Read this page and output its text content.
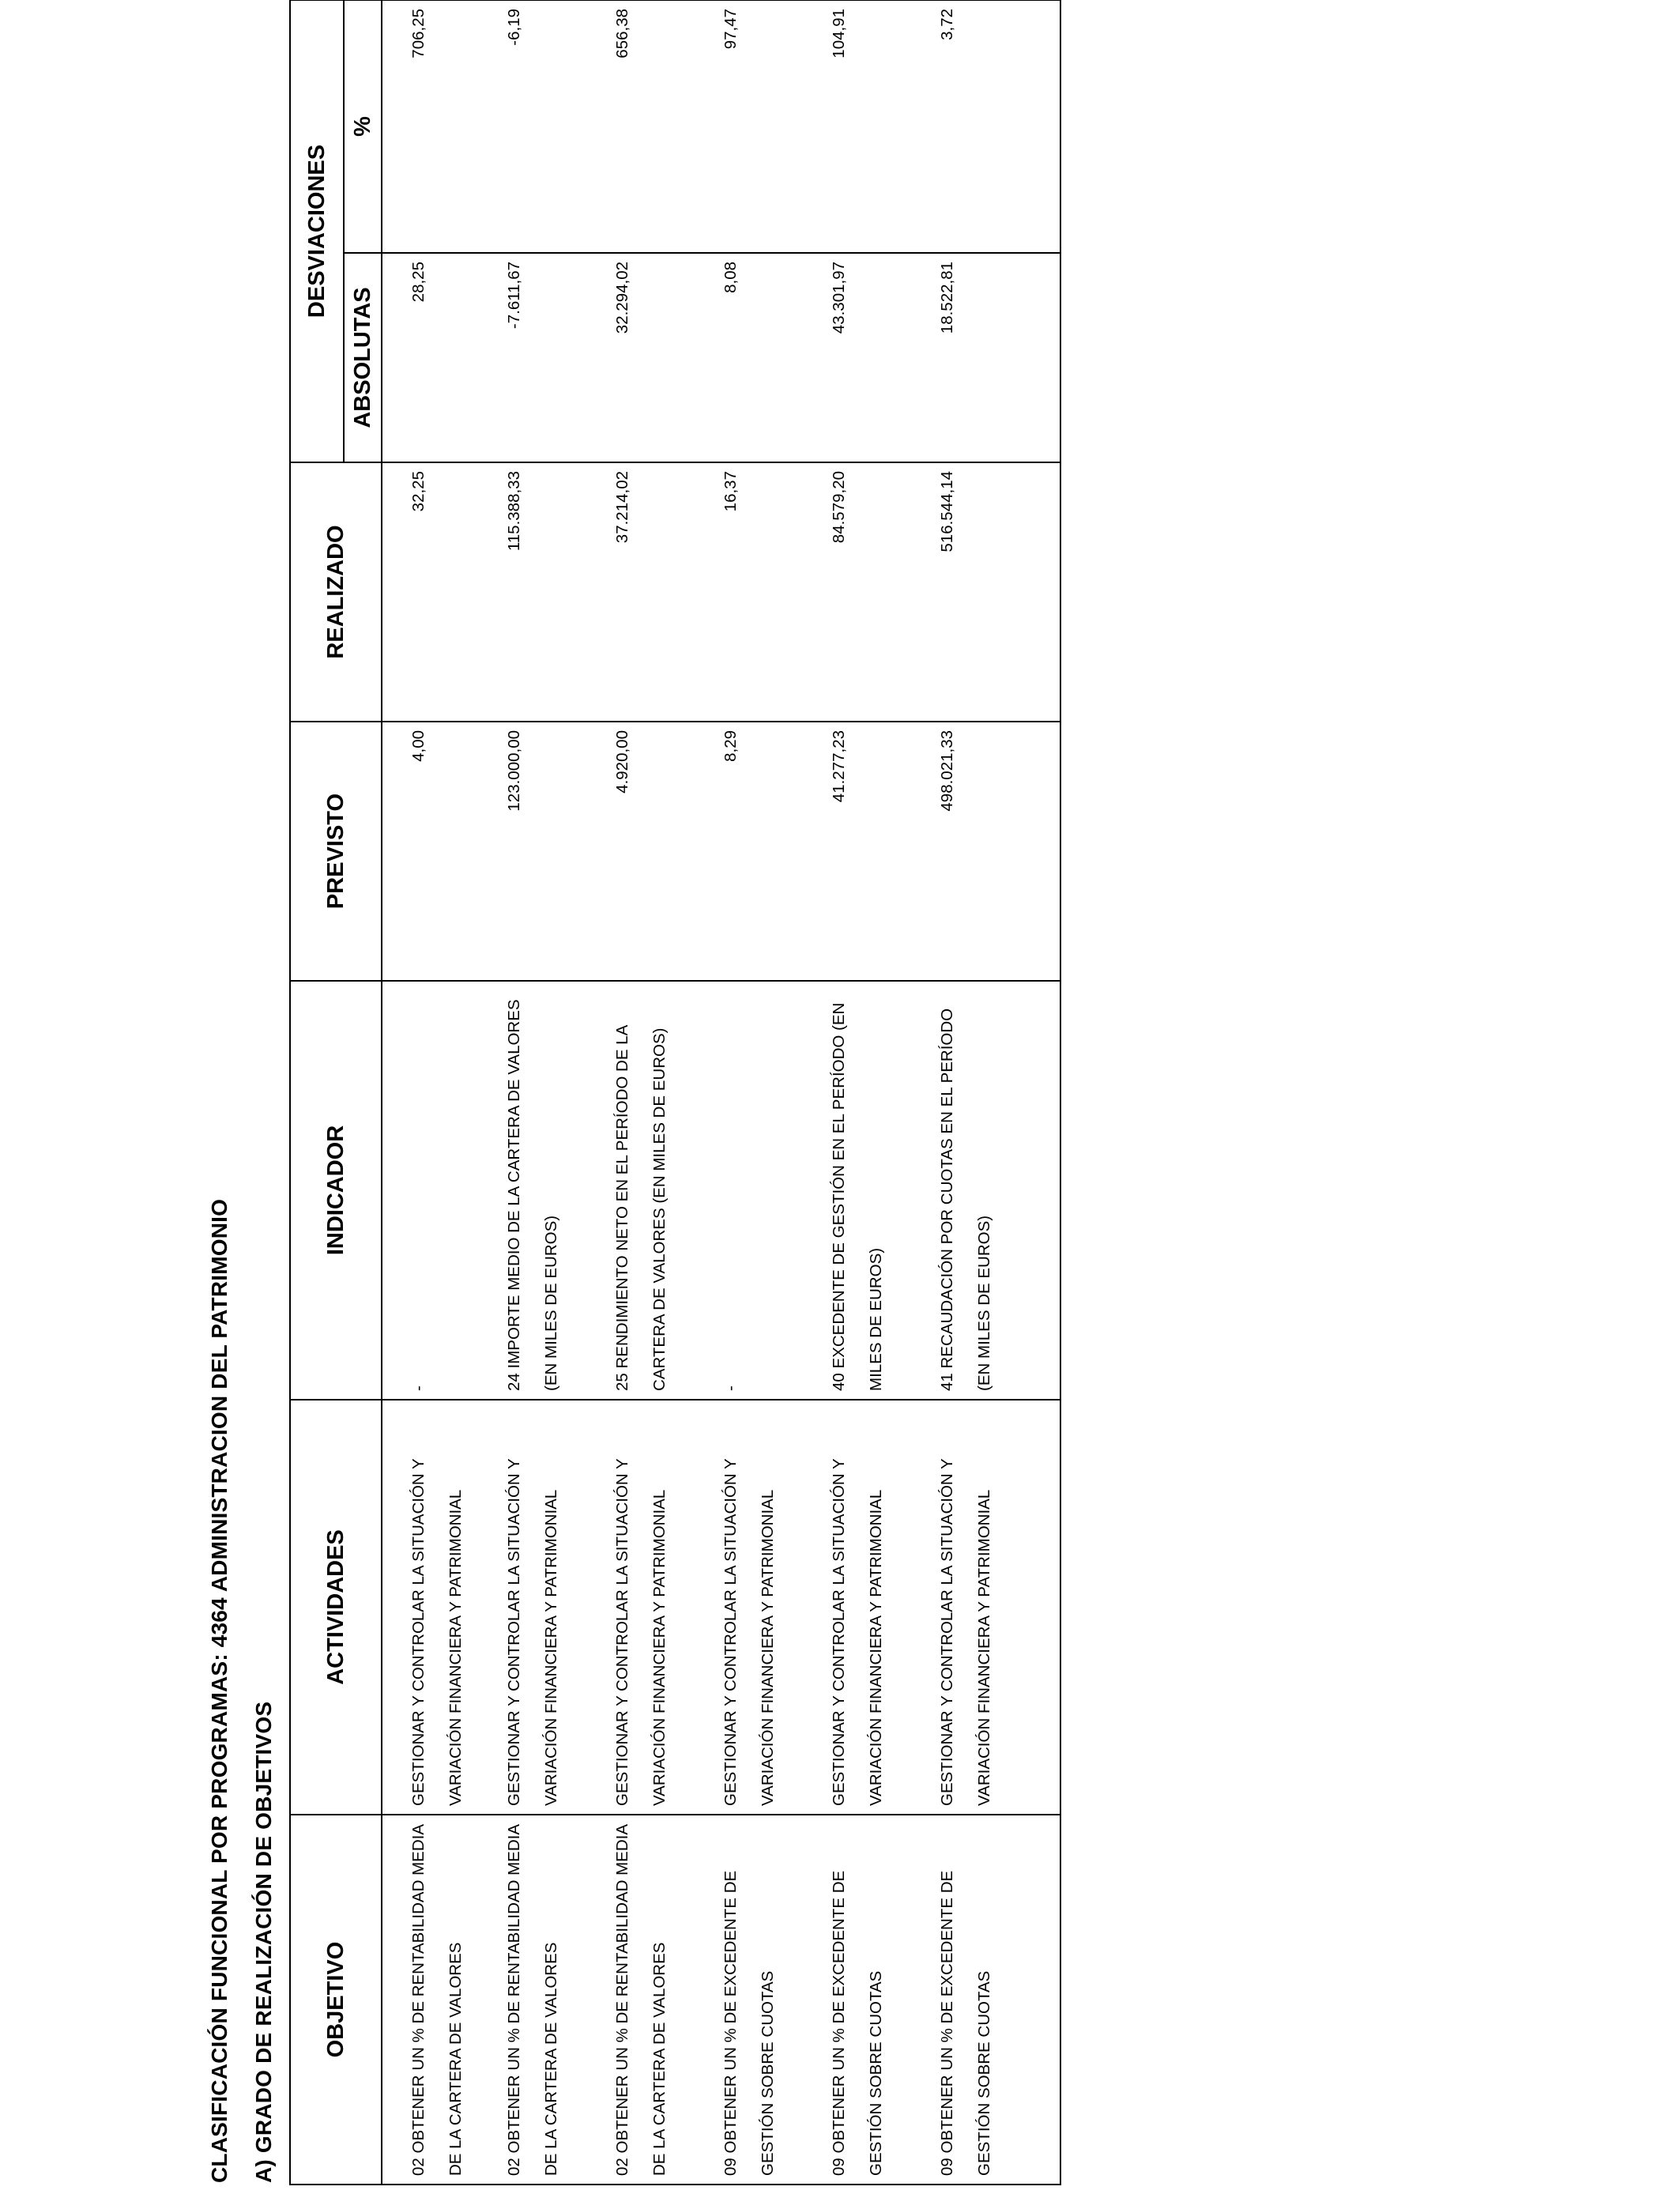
CLASIFICACIÓN FUNCIONAL POR PROGRAMAS: 4364 ADMINISTRACION DEL PATRIMONIO A) GRADO DE REALIZACIÓN DE OBJETIVOS OBJETIVO	ACTIVIDADES	INDICADOR	PREVISTO	REALIZADO	DESVIACIONES	
					ABSOLUTAS	%
02 OBTENER UN % DE RENTABILIDAD MEDIA DE LA CARTERA DE VALORES	GESTIONAR Y CONTROLAR LA SITUACIÓN Y VARIACIÓN FINANCIERA Y PATRIMONIAL	-	4,00	32,25	28,25	706,25
02 OBTENER UN % DE RENTABILIDAD MEDIA DE LA CARTERA DE VALORES	GESTIONAR Y CONTROLAR LA SITUACIÓN Y VARIACIÓN FINANCIERA Y PATRIMONIAL	24 IMPORTE MEDIO DE LA CARTERA DE VALORES (EN MILES DE EUROS)	123.000,00	115.388,33	-7.611,67	-6,19
02 OBTENER UN % DE RENTABILIDAD MEDIA DE LA CARTERA DE VALORES	GESTIONAR Y CONTROLAR LA SITUACIÓN Y VARIACIÓN FINANCIERA Y PATRIMONIAL	25 RENDIMIENTO NETO EN EL PERÍODO DE LA CARTERA DE VALORES (EN MILES DE EUROS)	4.920,00	37.214,02	32.294,02	656,38
09 OBTENER UN % DE EXCEDENTE DE GESTIÓN SOBRE CUOTAS	GESTIONAR Y CONTROLAR LA SITUACIÓN Y VARIACIÓN FINANCIERA Y PATRIMONIAL	-	8,29	16,37	8,08	97,47
09 OBTENER UN % DE EXCEDENTE DE GESTIÓN SOBRE CUOTAS	GESTIONAR Y CONTROLAR LA SITUACIÓN Y VARIACIÓN FINANCIERA Y PATRIMONIAL	40 EXCEDENTE DE GESTIÓN EN EL PERÍODO (EN MILES DE EUROS)	41.277,23	84.579,20	43.301,97	104,91
09 OBTENER UN % DE EXCEDENTE DE GESTIÓN SOBRE CUOTAS	GESTIONAR Y CONTROLAR LA SITUACIÓN Y VARIACIÓN FINANCIERA Y PATRIMONIAL	41 RECAUDACIÓN POR CUOTAS EN EL PERÍODO (EN MILES DE EUROS)	498.021,33	516.544,14	18.522,81	3,72
